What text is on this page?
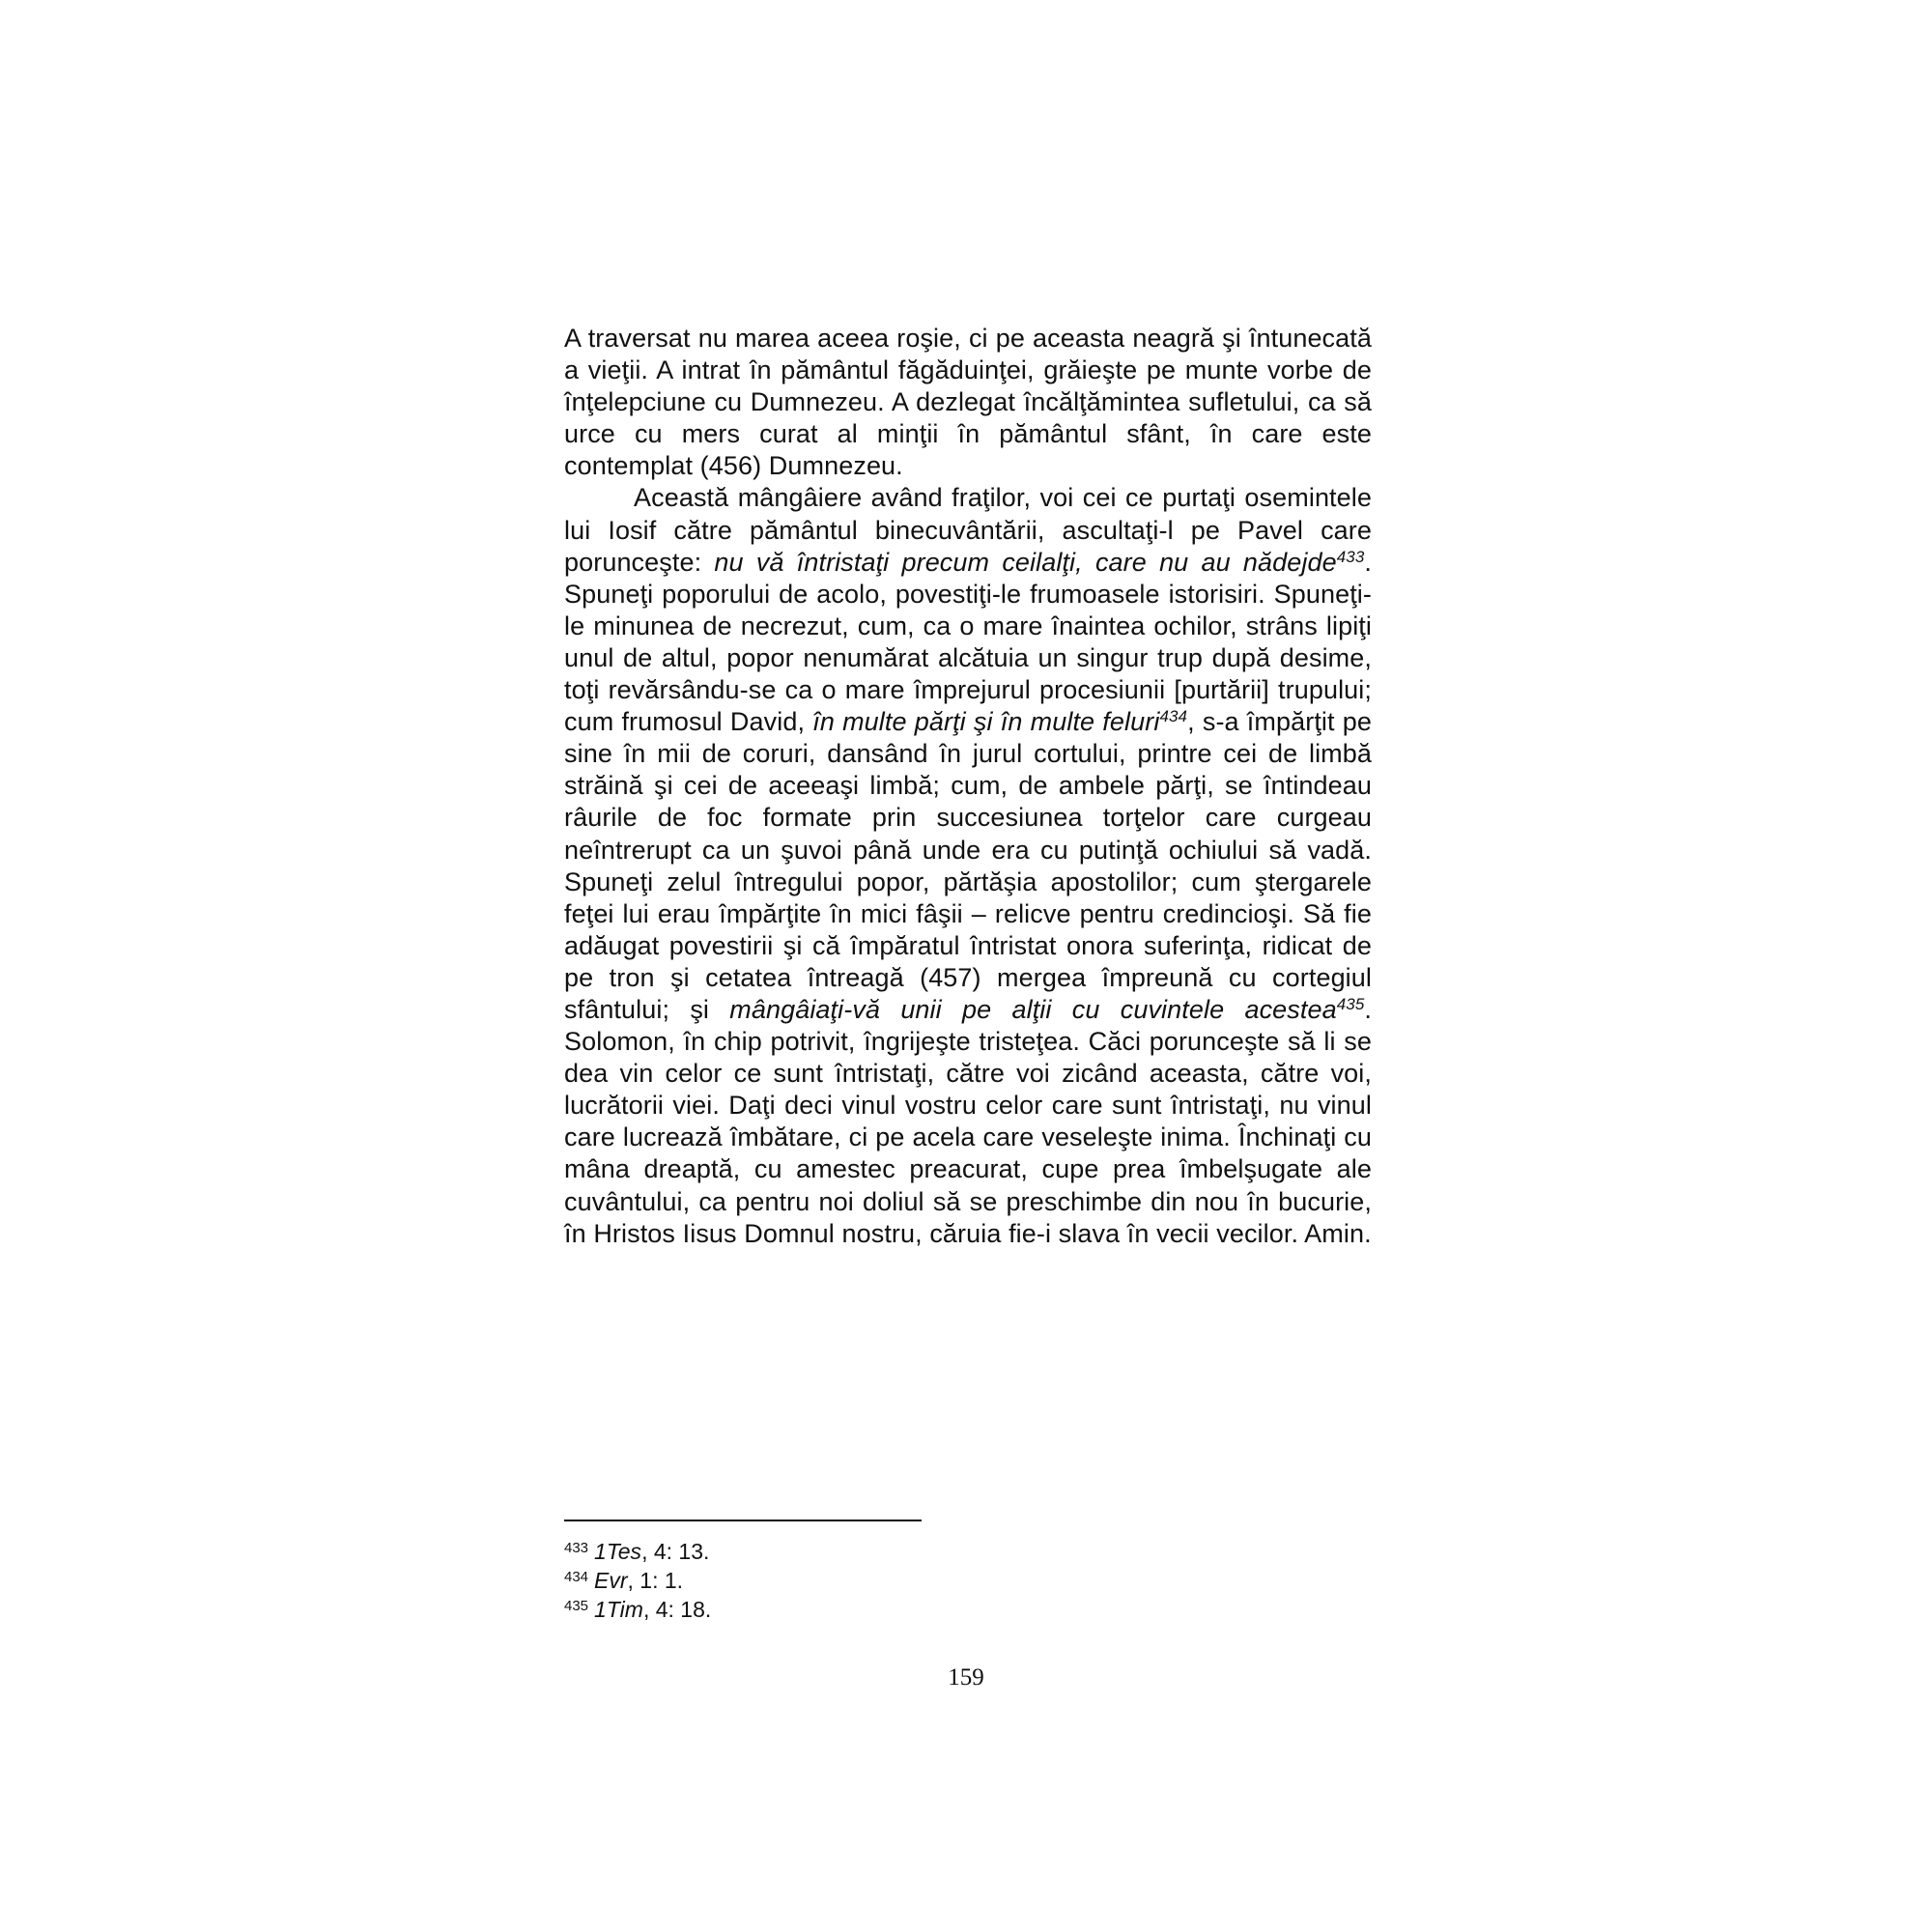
A traversat nu marea aceea roşie, ci pe aceasta neagră şi întunecată a vieţii. A intrat în pământul făgăduinţei, grăieşte pe munte vorbe de înţelepciune cu Dumnezeu. A dezlegat încălţămintea sufletului, ca să urce cu mers curat al minţii în pământul sfânt, în care este contemplat (456) Dumnezeu.

Această mângâiere având fraţilor, voi cei ce purtaţi osemintele lui Iosif către pământul binecuvântării, ascultaţi-l pe Pavel care porunceşte: nu vă întristaţi precum ceilalţi, care nu au nădejde$^{433}$. Spuneţi poporului de acolo, povestiţi-le frumoasele istorisiri. Spuneţi-le minunea de necrezut, cum, ca o mare înaintea ochilor, strâns lipiţi unul de altul, popor nenumărat alcătuia un singur trup după desime, toţi revărsându-se ca o mare împrejurul procesiunii [purtării] trupului; cum frumosul David, în multe părţi şi în multe feluri$^{434}$, s-a împărţit pe sine în mii de coruri, dansând în jurul cortului, printre cei de limbă străină şi cei de aceeaşi limbă; cum, de ambele părţi, se întindeau râurile de foc formate prin succesiunea torţelor care curgeau neîntrerupt ca un şuvoi până unde era cu putinţă ochiului să vadă. Spuneţi zelul întregului popor, părtăşia apostolilor; cum ştergarele feţei lui erau împărţite în mici fâşii – relicve pentru credincioşi. Să fie adăugat povestirii şi că împăratul întristat onora suferinţa, ridicat de pe tron şi cetatea întreagă (457) mergea împreună cu cortegiul sfântului; şi mângâiaţi-vă unii pe alţii cu cuvintele acestea$^{435}$. Solomon, în chip potrivit, îngrijeşte tristeţea. Căci porunceşte să li se dea vin celor ce sunt întristaţi, către voi zicând aceasta, către voi, lucrătorii viei. Daţi deci vinul vostru celor care sunt întristaţi, nu vinul care lucrează îmbătare, ci pe acela care veseleşte inima. Închinaţi cu mâna dreaptă, cu amestec preacurat, cupe prea îmbelşugate ale cuvântului, ca pentru noi doliul să se preschimbe din nou în bucurie, în Hristos Iisus Domnul nostru, căruia fie-i slava în vecii vecilor. Amin.

$^{433}$ 1Tes, 4: 13.
$^{434}$ Evr, 1: 1.
$^{435}$ 1Tim, 4: 18.
159
